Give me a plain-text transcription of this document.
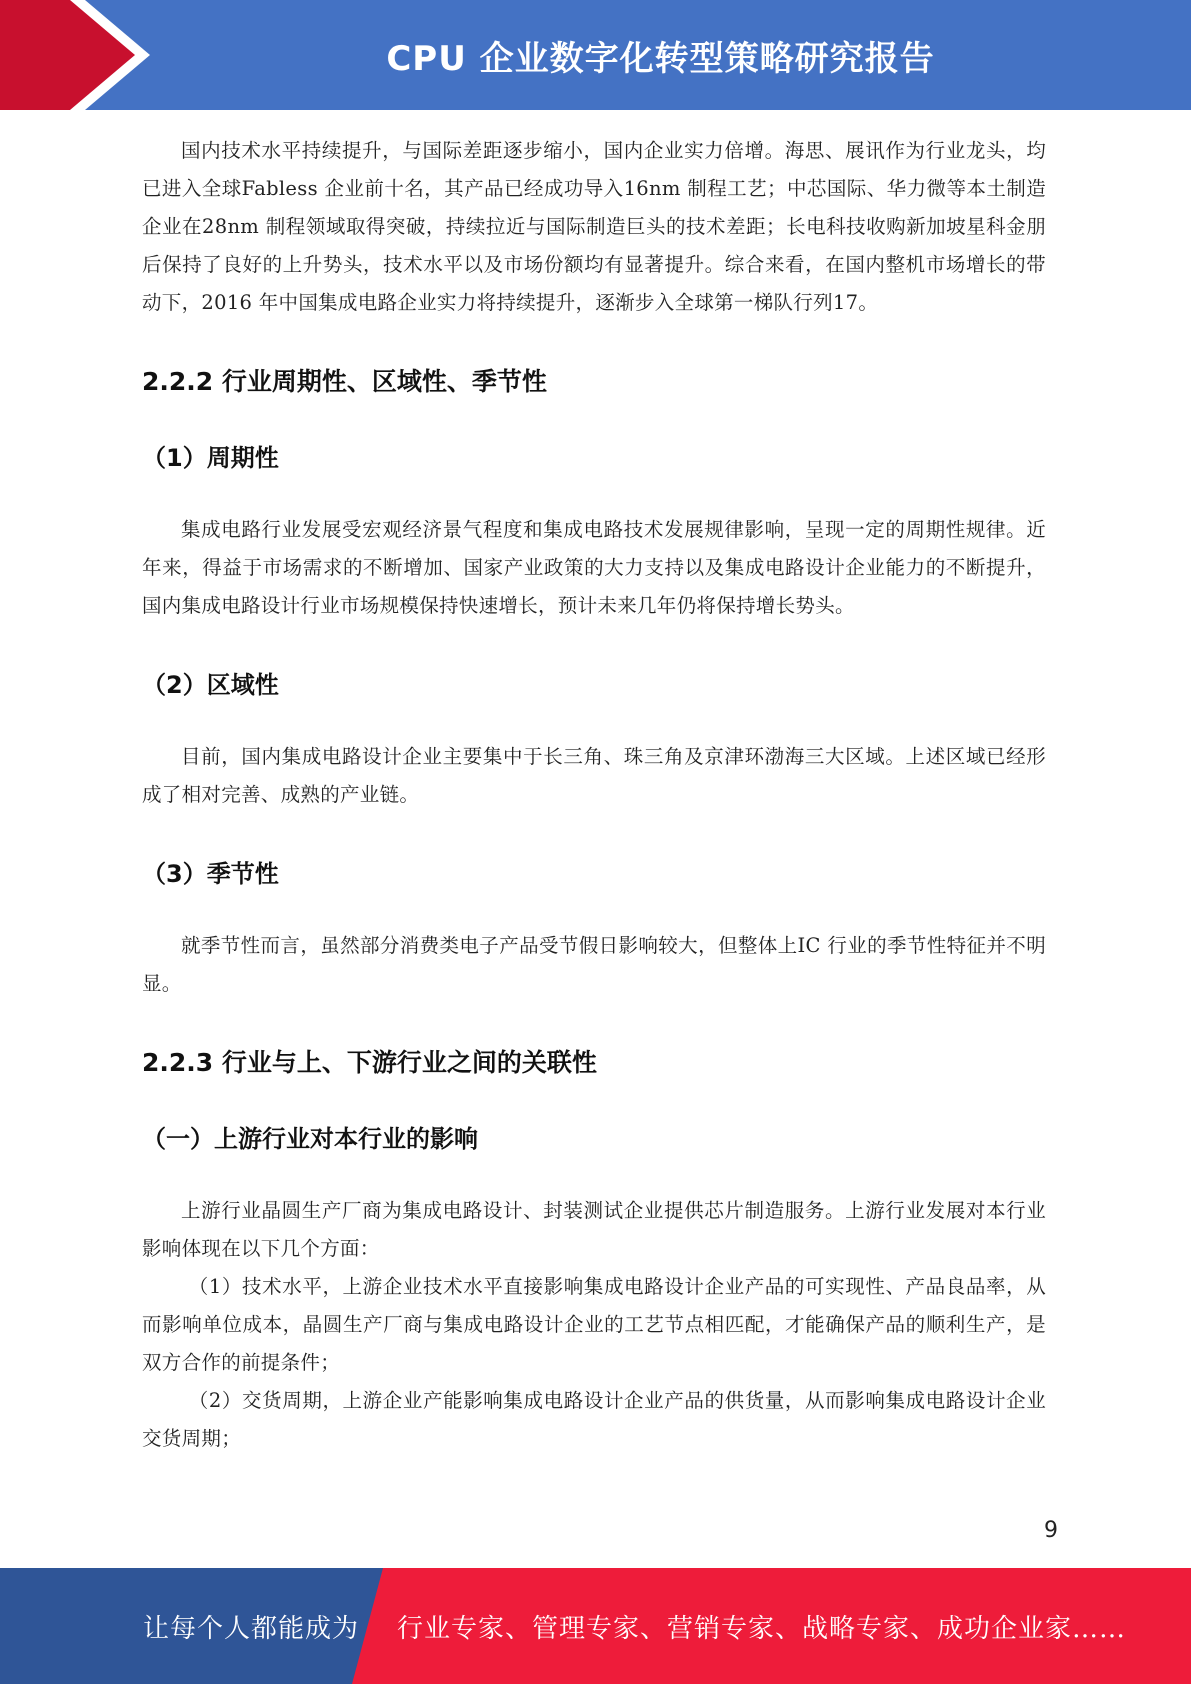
CPU 企业数字化转型策略研究报告

国内技术水平持续提升，与国际差距逐步缩小，国内企业实力倍增。海思、展讯作为行业龙头，均已进入全球Fabless 企业前十名，其产品已经成功导入16nm 制程工艺；中芯国际、华力微等本土制造企业在28nm 制程领域取得突破，持续拉近与国际制造巨头的技术差距；长电科技收购新加坡星科金朋后保持了良好的上升势头，技术水平以及市场份额均有显著提升。综合来看，在国内整机市场增长的带动下，2016 年中国集成电路企业实力将持续提升，逐渐步入全球第一梯队行列17。

2.2.2 行业周期性、区域性、季节性
（1）周期性

集成电路行业发展受宏观经济景气程度和集成电路技术发展规律影响，呈现一定的周期性规律。近年来，得益于市场需求的不断增加、国家产业政策的大力支持以及集成电路设计企业能力的不断提升，国内集成电路设计行业市场规模保持快速增长，预计未来几年仍将保持增长势头。

（2）区域性

目前，国内集成电路设计企业主要集中于长三角、珠三角及京津环渤海三大区域。上述区域已经形成了相对完善、成熟的产业链。

（3）季节性

就季节性而言，虽然部分消费类电子产品受节假日影响较大，但整体上IC 行业的季节性特征并不明显。

2.2.3 行业与上、下游行业之间的关联性
（一）上游行业对本行业的影响

上游行业晶圆生产厂商为集成电路设计、封装测试企业提供芯片制造服务。上游行业发展对本行业影响体现在以下几个方面：

（1）技术水平，上游企业技术水平直接影响集成电路设计企业产品的可实现性、产品良品率，从而影响单位成本，晶圆生产厂商与集成电路设计企业的工艺节点相匹配，才能确保产品的顺利生产，是双方合作的前提条件；

（2）交货周期，上游企业产能影响集成电路设计企业产品的供货量，从而影响集成电路设计企业交货周期；

9
让每个人都能成为 行业专家、管理专家、营销专家、战略专家、成功企业家……
